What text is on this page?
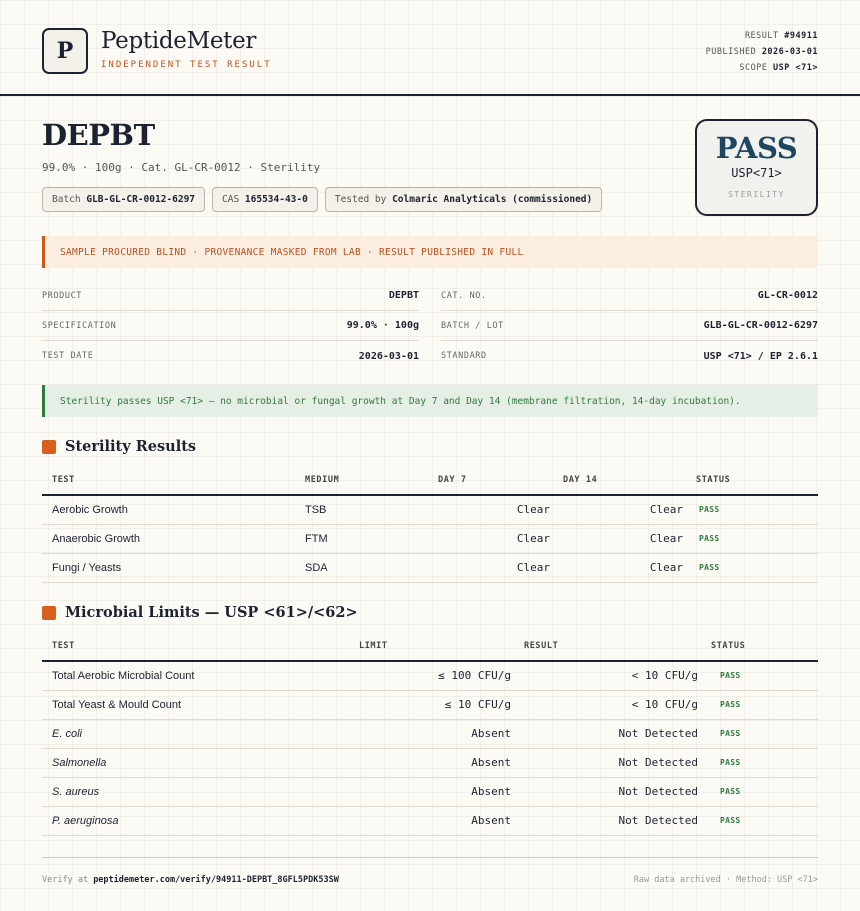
P	PeptideMeter
INDEPENDENT TEST RESULT
RESULT #94911
PUBLISHED 2026-03-01
SCOPE USP <71>
DEPBT
99.0% · 100g · Cat. GL-CR-0012 · Sterility
Batch GLB-GL-CR-0012-6297	CAS 165534-43-0	Tested by Colmaric Analyticals (commissioned)
PASS
USP<71>
STERILITY
SAMPLE PROCURED BLIND · PROVENANCE MASKED FROM LAB · RESULT PUBLISHED IN FULL
PRODUCT	DEPBT
SPECIFICATION	99.0% · 100g
TEST DATE	2026-03-01
CAT. NO.	GL-CR-0012
BATCH / LOT	GLB-GL-CR-0012-6297
STANDARD	USP <71> / EP 2.6.1
Sterility passes USP <71> — no microbial or fungal growth at Day 7 and Day 14 (membrane filtration, 14-day incubation).
Sterility Results
TEST	MEDIUM	DAY 7	DAY 14	STATUS
Aerobic Growth	TSB	Clear	Clear	PASS
Anaerobic Growth	FTM	Clear	Clear	PASS
Fungi / Yeasts	SDA	Clear	Clear	PASS
Microbial Limits — USP <61>/<62>
TEST	LIMIT	RESULT	STATUS
Total Aerobic Microbial Count	≤ 100 CFU/g	< 10 CFU/g	PASS
Total Yeast & Mould Count	≤ 10 CFU/g	< 10 CFU/g	PASS
E. coli	Absent	Not Detected	PASS
Salmonella	Absent	Not Detected	PASS
S. aureus	Absent	Not Detected	PASS
P. aeruginosa	Absent	Not Detected	PASS
Verify at peptidemeter.com/verify/94911-DEPBT_8GFL5PDK53SW	Raw data archived · Method: USP <71>
